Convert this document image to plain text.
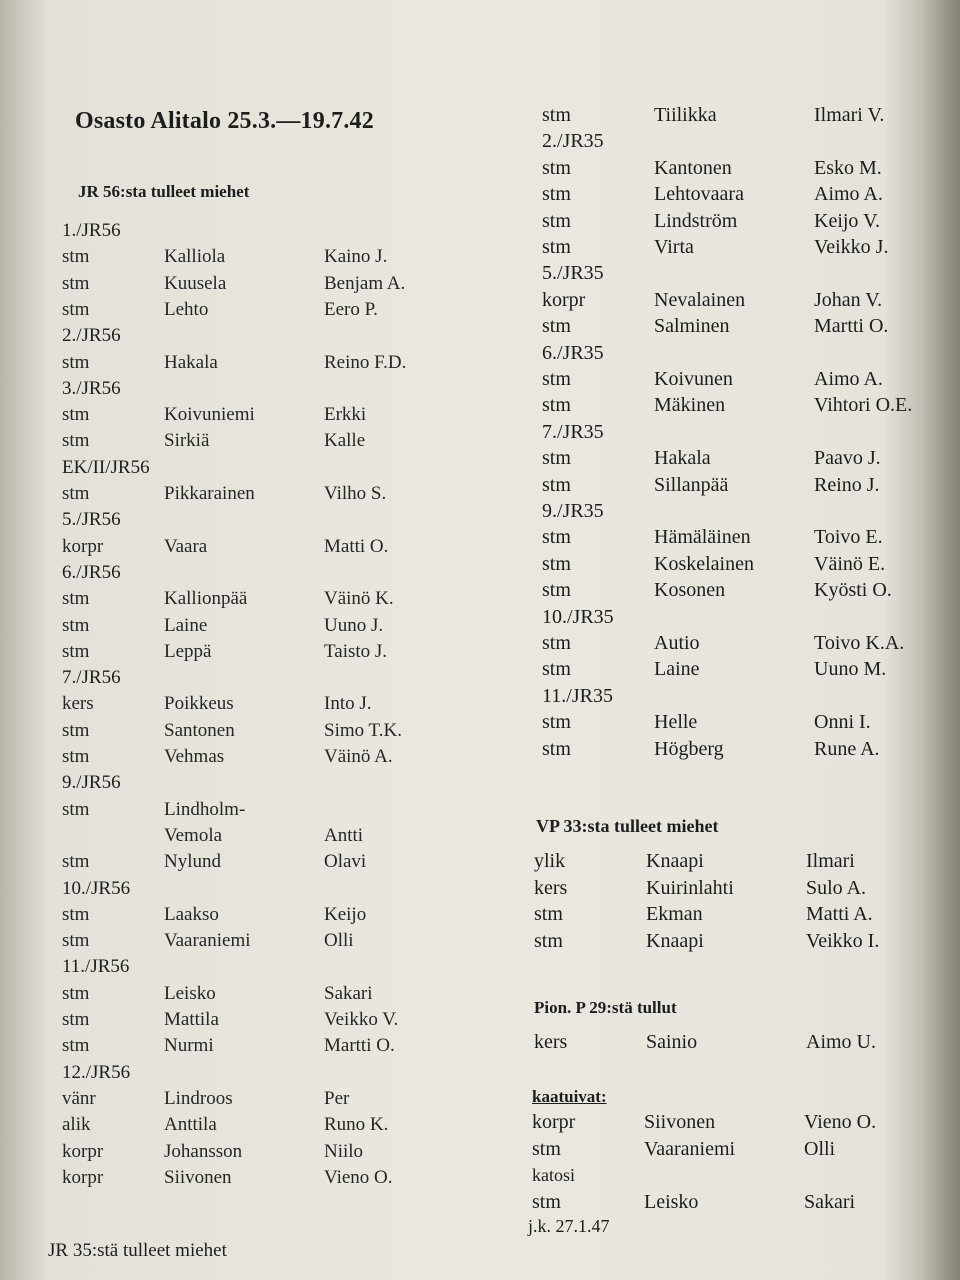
Osasto Alitalo 25.3.—19.7.42
JR 56:sta tulleet miehet
1./JR56
stm	Kalliola	Kaino J.
stm	Kuusela	Benjam A.
stm	Lehto	Eero P.
2./JR56
stm	Hakala	Reino F.D.
3./JR56
stm	Koivuniemi	Erkki
stm	Sirkiä	Kalle
EK/II/JR56
stm	Pikkarainen	Vilho S.
5./JR56
korpr	Vaara	Matti O.
6./JR56
stm	Kallionpää	Väinö K.
stm	Laine	Uuno J.
stm	Leppä	Taisto J.
7./JR56
kers	Poikkeus	Into J.
stm	Santonen	Simo T.K.
stm	Vehmas	Väinö A.
9./JR56
stm	Lindholm-
Vemola	Antti
stm	Nylund	Olavi
10./JR56
stm	Laakso	Keijo
stm	Vaaraniemi	Olli
11./JR56
stm	Leisko	Sakari
stm	Mattila	Veikko V.
stm	Nurmi	Martti O.
12./JR56
vänr	Lindroos	Per
alik	Anttila	Runo K.
korpr	Johansson	Niilo
korpr	Siivonen	Vieno O.
JR 35:stä tulleet miehet
stm	Tiilikka	Ilmari V.
2./JR35
stm	Kantonen	Esko M.
stm	Lehtovaara	Aimo A.
stm	Lindström	Keijo V.
stm	Virta	Veikko J.
5./JR35
korpr	Nevalainen	Johan V.
stm	Salminen	Martti O.
6./JR35
stm	Koivunen	Aimo A.
stm	Mäkinen	Vihtori O.E.
7./JR35
stm	Hakala	Paavo J.
stm	Sillanpää	Reino J.
9./JR35
stm	Hämäläinen	Toivo E.
stm	Koskelainen	Väinö E.
stm	Kosonen	Kyösti O.
10./JR35
stm	Autio	Toivo K.A.
stm	Laine	Uuno M.
11./JR35
stm	Helle	Onni I.
stm	Högberg	Rune A.
VP 33:sta tulleet miehet
ylik	Knaapi	Ilmari
kers	Kuirinlahti	Sulo A.
stm	Ekman	Matti A.
stm	Knaapi	Veikko I.
Pion. P 29:stä tullut
kers	Sainio	Aimo U.
kaatuivat:
korpr	Siivonen	Vieno O.
stm	Vaaraniemi	Olli
katosi
stm	Leisko	Sakari
j.k. 27.1.47
